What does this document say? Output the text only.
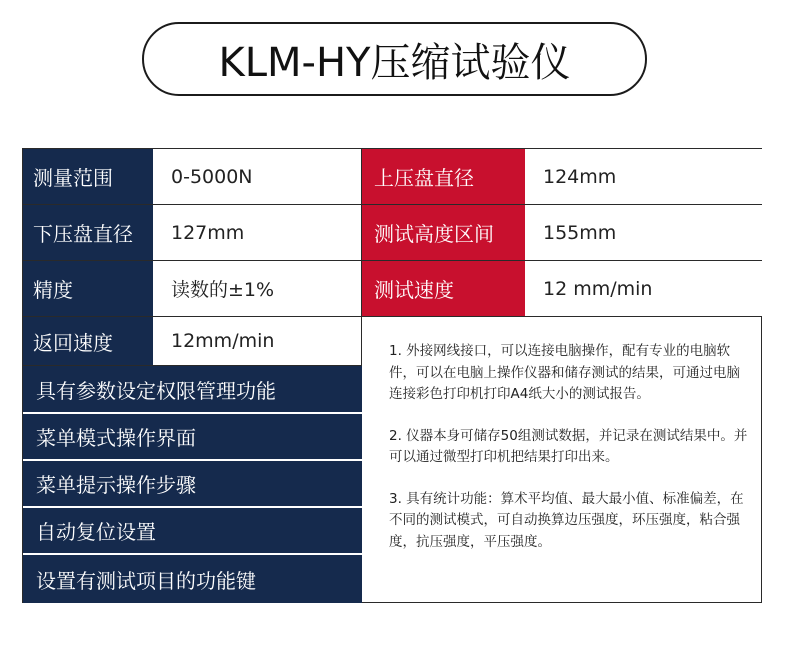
KLM-HY压缩试验仪
测量范围	0-5000N	上压盘直径	124mm
下压盘直径	127mm	测试高度区间	155mm
精度	读数的±1%	测试速度	12 mm/min
返回速度	12mm/min
具有参数设定权限管理功能
菜单模式操作界面
菜单提示操作步骤
自动复位设置
设置有测试项目的功能键

1. 外接网线接口，可以连接电脑操作，配有专业的电脑软件，可以在电脑上操作仪器和储存测试的结果，可通过电脑连接彩色打印机打印A4纸大小的测试报告。

2. 仪器本身可储存50组测试数据，并记录在测试结果中。并可以通过微型打印机把结果打印出来。

3. 具有统计功能：算术平均值、最大最小值、标准偏差，在不同的测试模式，可自动换算边压强度，环压强度，粘合强度，抗压强度，平压强度。
